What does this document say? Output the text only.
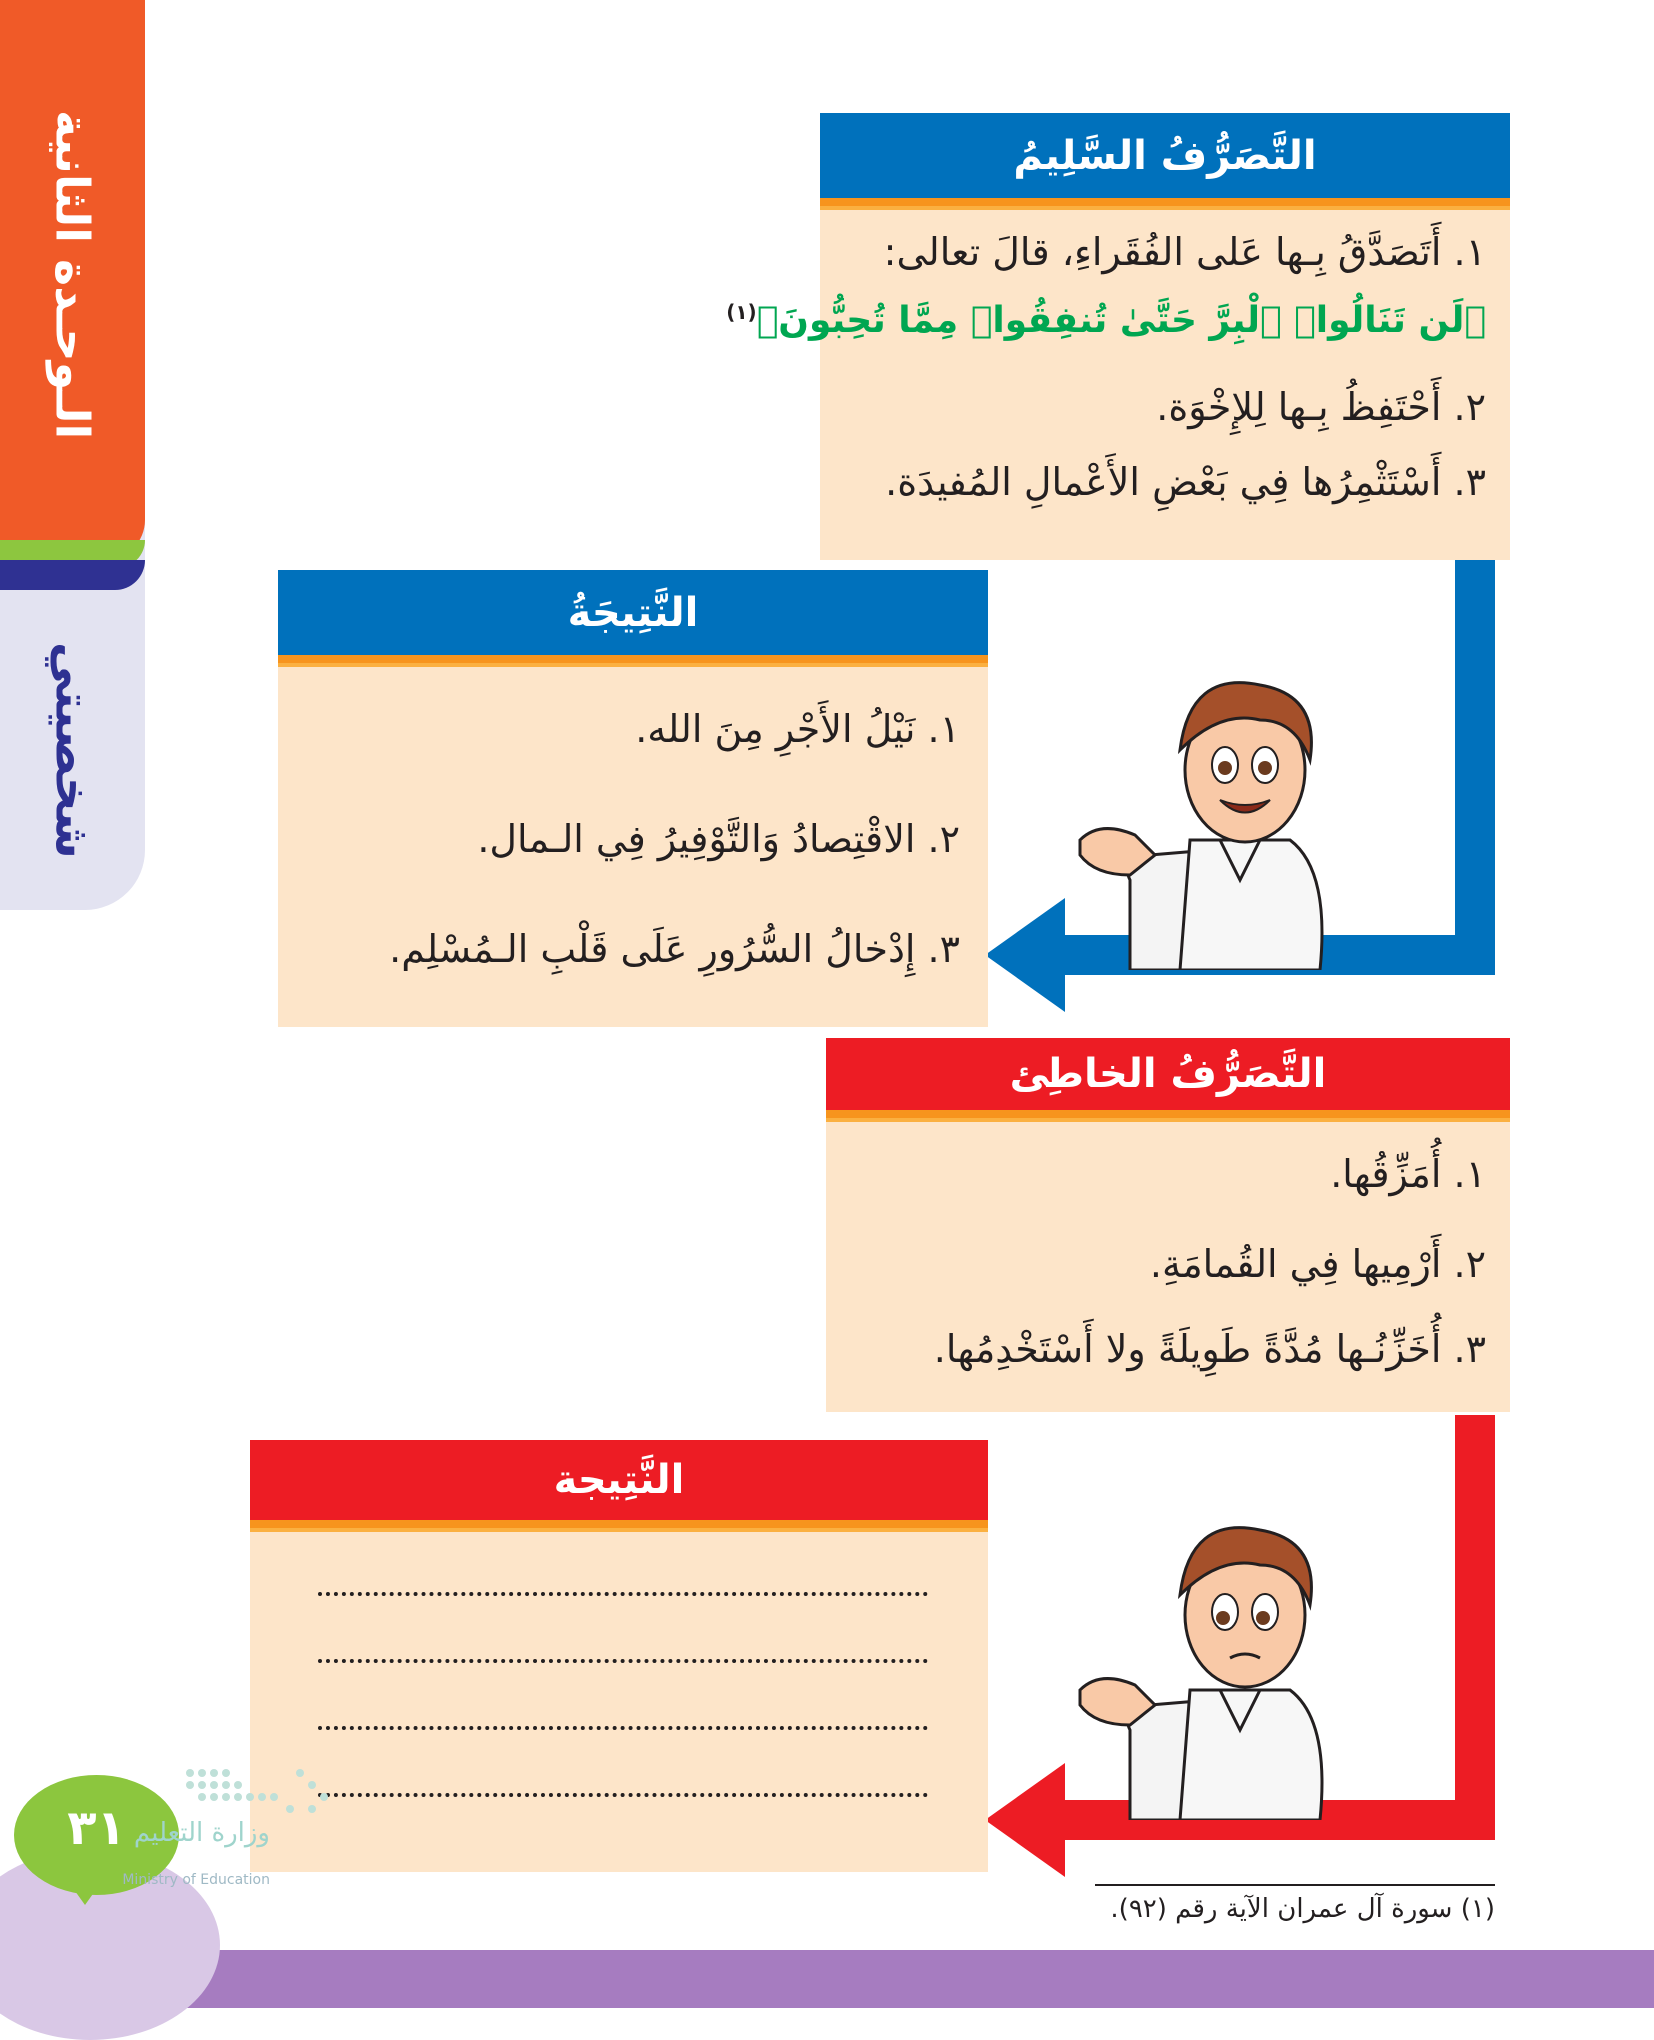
الـوحـدة الثانية
شخصيتي
التَّصَرُّفُ السَّلِيمُ
١. أَتَصَدَّقُ بِـها عَلى الفُقَراءِ، قالَ تعالى:
﴿لَن تَنَالُوا۟ ٱلْبِرَّ حَتَّىٰ تُنفِقُوا۟ مِمَّا تُحِبُّونَ﴾$^{(١)}$
٢. أَحْتَفِظُ بِـها لِلإِخْوَة.
٣. أَسْتَثْمِرُها فِي بَعْضِ الأَعْمالِ المُفيدَة.
النَّتِيجَةُ
١. نَيْلُ الأَجْرِ مِنَ الله.
٢. الاقْتِصادُ وَالتَّوْفِيرُ فِي الـمال.
٣. إِدْخالُ السُّرُورِ عَلَى قَلْبِ الـمُسْلِم.
التَّصَرُّفُ الخاطِئ
١. أُمَزِّقُها.
٢. أَرْمِيها فِي القُمامَةِ.
٣. أُخَزِّنُـها مُدَّةً طَوِيلَةً ولا أَسْتَخْدِمُها.
النَّتِيجة
(١) سورة آل عمران الآية رقم (٩٢).
٣١ وزارة التعليم
Ministry of Education
